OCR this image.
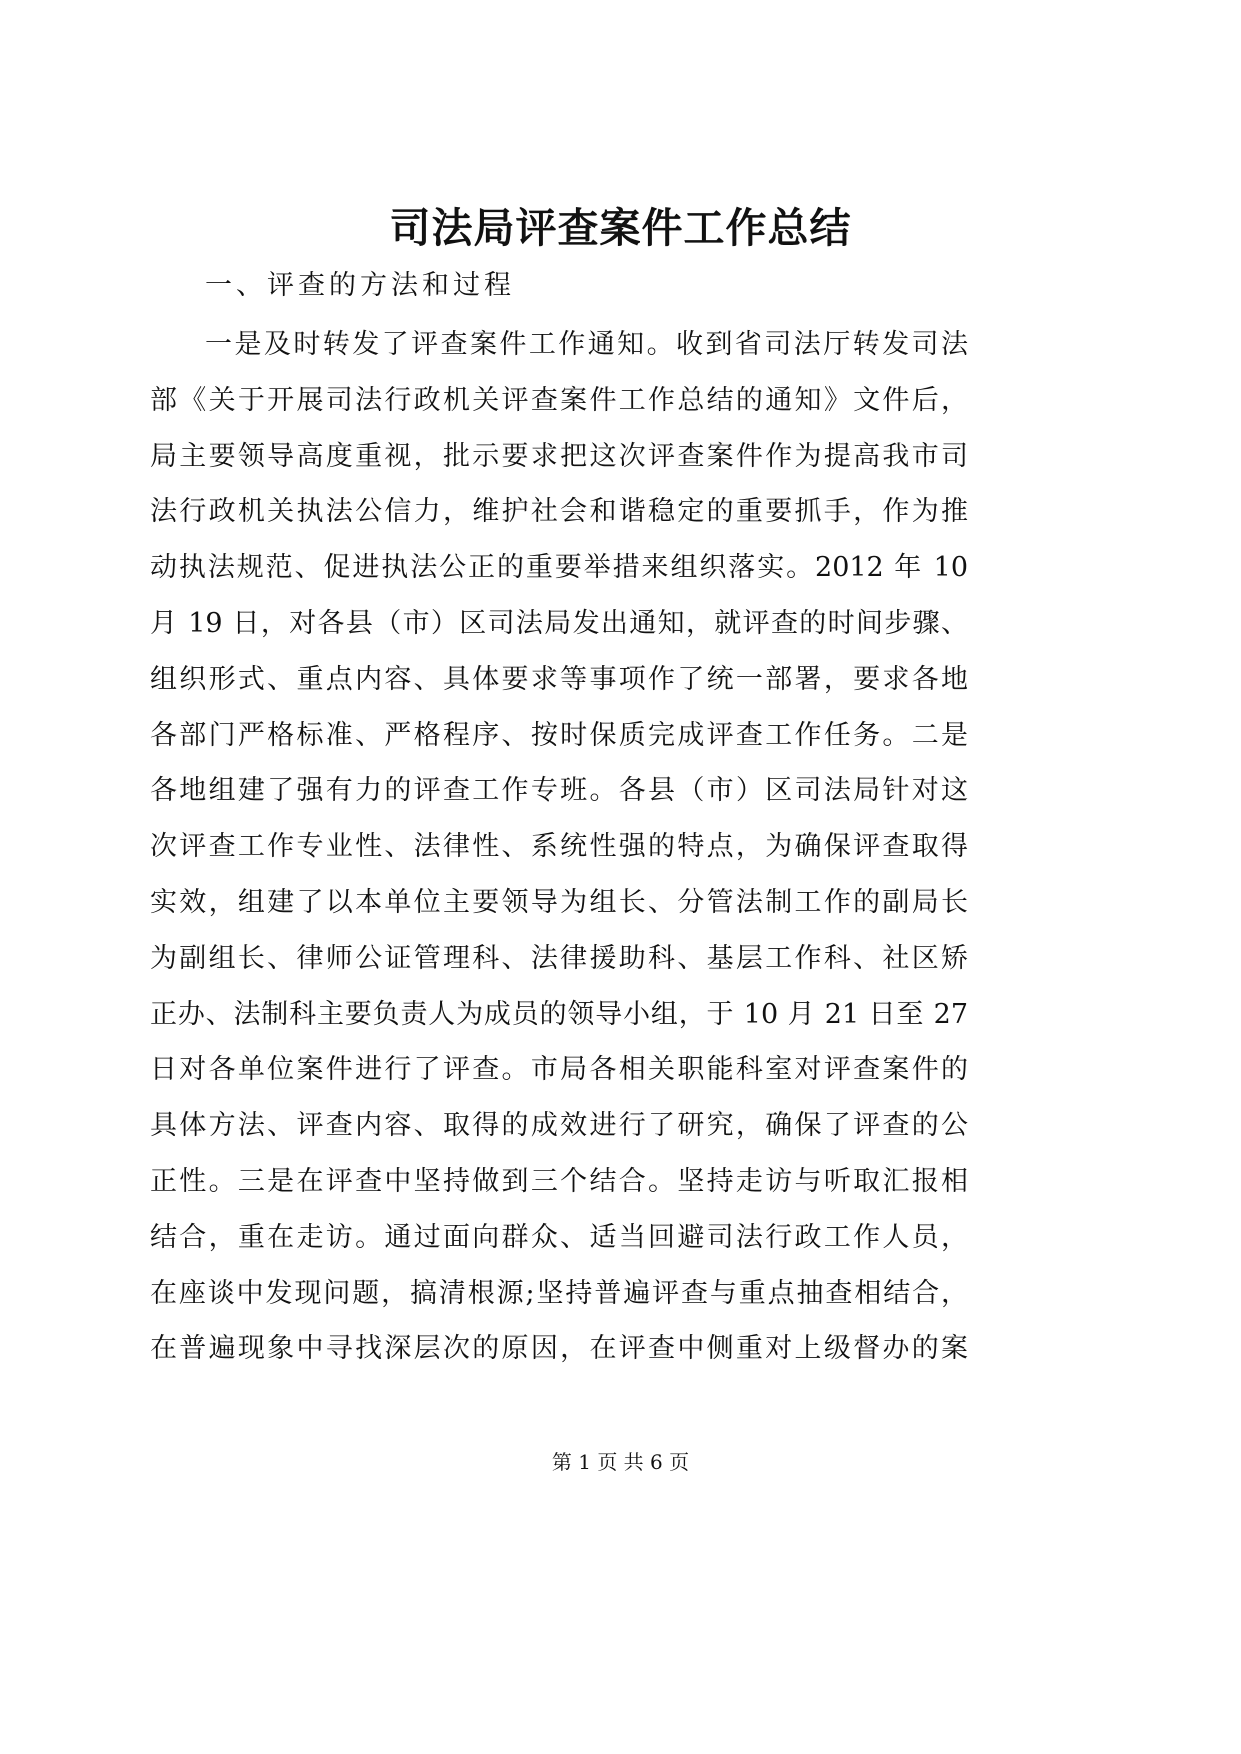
司法局评查案件工作总结
一、评查的方法和过程
一是及时转发了评查案件工作通知。收到省司法厅转发司法
部《关于开展司法行政机关评查案件工作总结的通知》文件后，
局主要领导高度重视，批示要求把这次评查案件作为提高我市司
法行政机关执法公信力，维护社会和谐稳定的重要抓手，作为推
动执法规范、促进执法公正的重要举措来组织落实。2012 年 10
月 19 日，对各县（市）区司法局发出通知，就评查的时间步骤、
组织形式、重点内容、具体要求等事项作了统一部署，要求各地
各部门严格标准、严格程序、按时保质完成评查工作任务。二是
各地组建了强有力的评查工作专班。各县（市）区司法局针对这
次评查工作专业性、法律性、系统性强的特点，为确保评查取得
实效，组建了以本单位主要领导为组长、分管法制工作的副局长
为副组长、律师公证管理科、法律援助科、基层工作科、社区矫
正办、法制科主要负责人为成员的领导小组，于 10 月 21 日至 27
日对各单位案件进行了评查。市局各相关职能科室对评查案件的
具体方法、评查内容、取得的成效进行了研究，确保了评查的公
正性。三是在评查中坚持做到三个结合。坚持走访与听取汇报相
结合，重在走访。通过面向群众、适当回避司法行政工作人员，
在座谈中发现问题，搞清根源;坚持普遍评查与重点抽查相结合，
在普遍现象中寻找深层次的原因，在评查中侧重对上级督办的案
第 1 页 共 6 页
